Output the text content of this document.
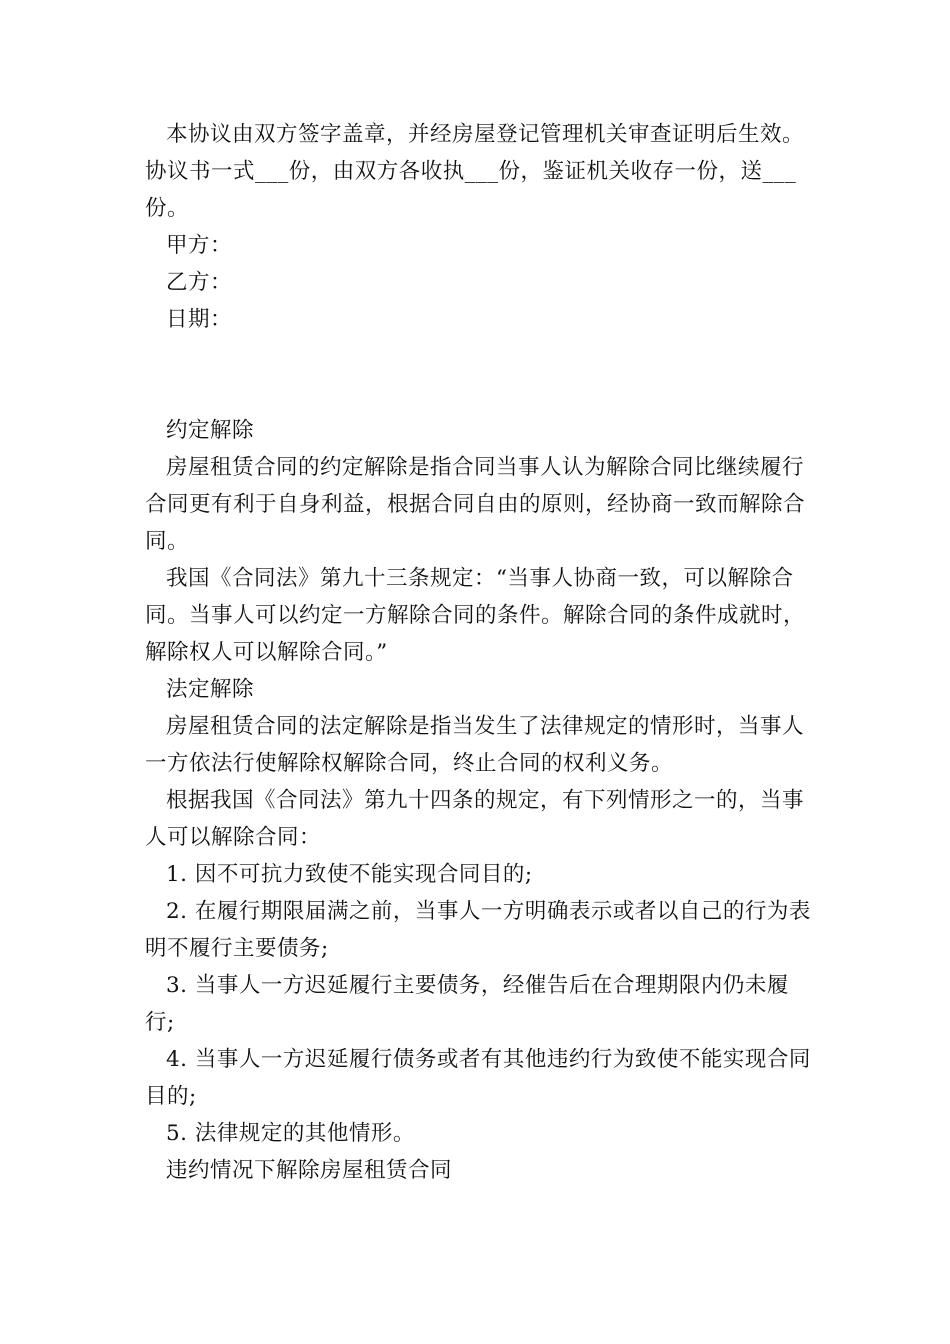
本协议由双方签字盖章，并经房屋登记管理机关审查证明后生效。协议书一式___份，由双方各收执___份，鉴证机关收存一份，送___份。

甲方：

乙方：

日期：

约定解除

房屋租赁合同的约定解除是指合同当事人认为解除合同比继续履行合同更有利于自身利益，根据合同自由的原则，经协商一致而解除合同。

我国《合同法》第九十三条规定：“当事人协商一致，可以解除合同。当事人可以约定一方解除合同的条件。解除合同的条件成就时，解除权人可以解除合同。”

法定解除

房屋租赁合同的法定解除是指当发生了法律规定的情形时，当事人一方依法行使解除权解除合同，终止合同的权利义务。

根据我国《合同法》第九十四条的规定，有下列情形之一的，当事人可以解除合同：

1. 因不可抗力致使不能实现合同目的;

2. 在履行期限届满之前，当事人一方明确表示或者以自己的行为表明不履行主要债务;

3. 当事人一方迟延履行主要债务，经催告后在合理期限内仍未履行;

4. 当事人一方迟延履行债务或者有其他违约行为致使不能实现合同目的;

5. 法律规定的其他情形。

违约情况下解除房屋租赁合同
